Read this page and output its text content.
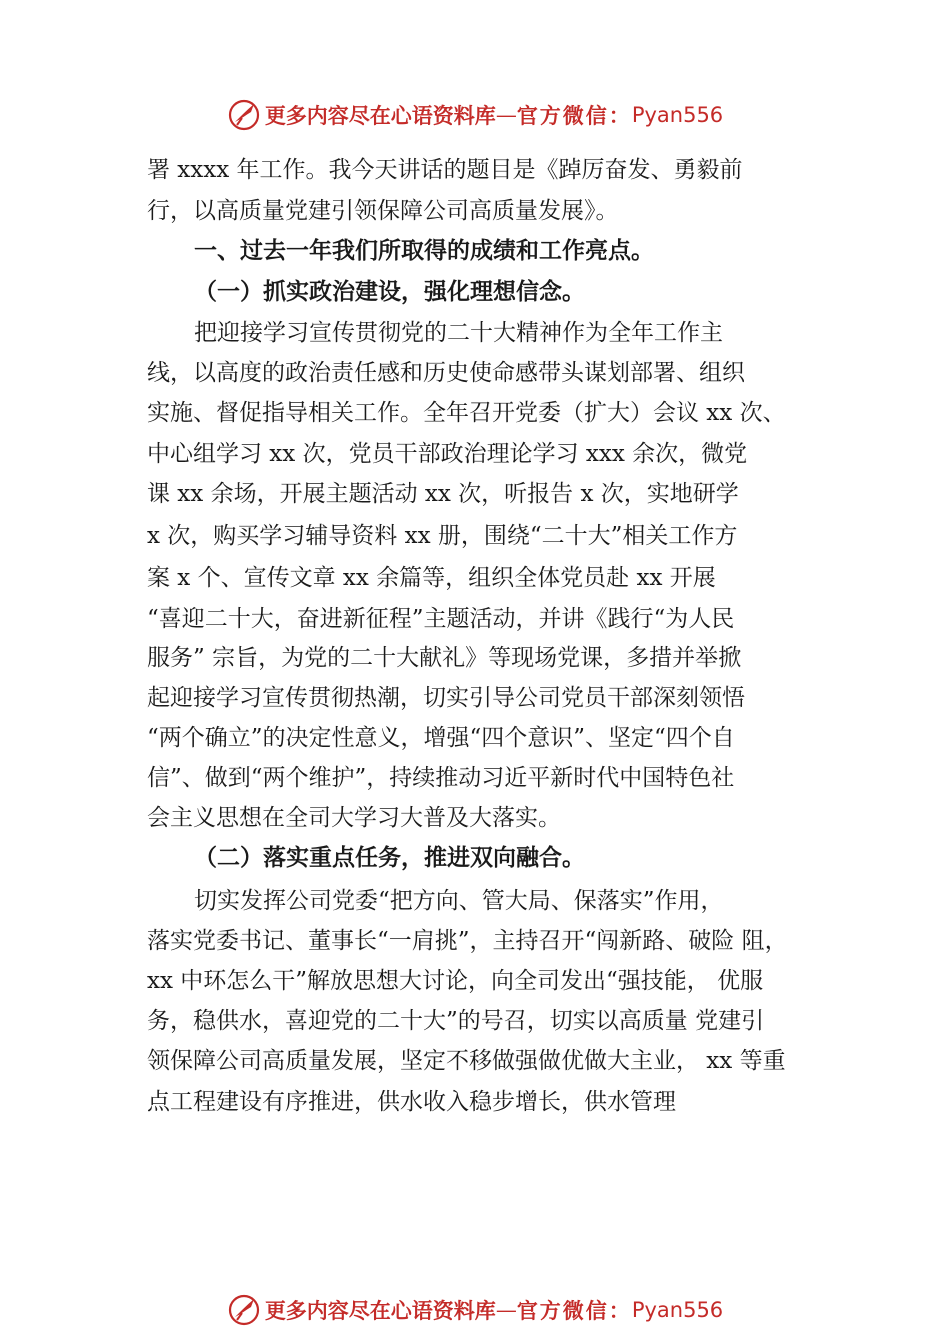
更多内容尽在心语资料库 — 官方微信： Pyan556
署 xxxx 年工作。我今天讲话的题目是《踔厉奋发、勇毅前
行，以高质量党建引领保障公司高质量发展》。
一、过去一年我们所取得的成绩和工作亮点。
（一）抓实政治建设，强化理想信念。
把迎接学习宣传贯彻党的二十大精神作为全年工作主
线，以高度的政治责任感和历史使命感带头谋划部署、组织
实施、督促指导相关工作。全年召开党委（扩大）会议 xx 次、
中心组学习 xx 次，党员干部政治理论学习 xxx 余次，微党
课 xx 余场，开展主题活动 xx 次，听报告 x 次，实地研学
x 次，购买学习辅导资料 xx 册，围绕“二十大”相关工作方
案 x 个、宣传文章 xx 余篇等，组织全体党员赴 xx 开展
“喜迎二十大，奋进新征程”主题活动，并讲《践行“为人民
服务” 宗旨，为党的二十大献礼》等现场党课，多措并举掀
起迎接学习宣传贯彻热潮，切实引导公司党员干部深刻领悟
“两个确立”的决定性意义，增强“四个意识”、坚定“四个自
信”、做到“两个维护”，持续推动习近平新时代中国特色社
会主义思想在全司大学习大普及大落实。
（二）落实重点任务，推进双向融合。
切实发挥公司党委“把方向、管大局、保落实”作用，
落实党委书记、董事长“一肩挑”，主持召开“闯新路、破险 阻，
xx 中环怎么干”解放思想大讨论，向全司发出“强技能， 优服
务，稳供水，喜迎党的二十大”的号召，切实以高质量 党建引
领保障公司高质量发展，坚定不移做强做优做大主业， xx 等重
点工程建设有序推进，供水收入稳步增长，供水管理
更多内容尽在心语资料库 — 官方微信： Pyan556
